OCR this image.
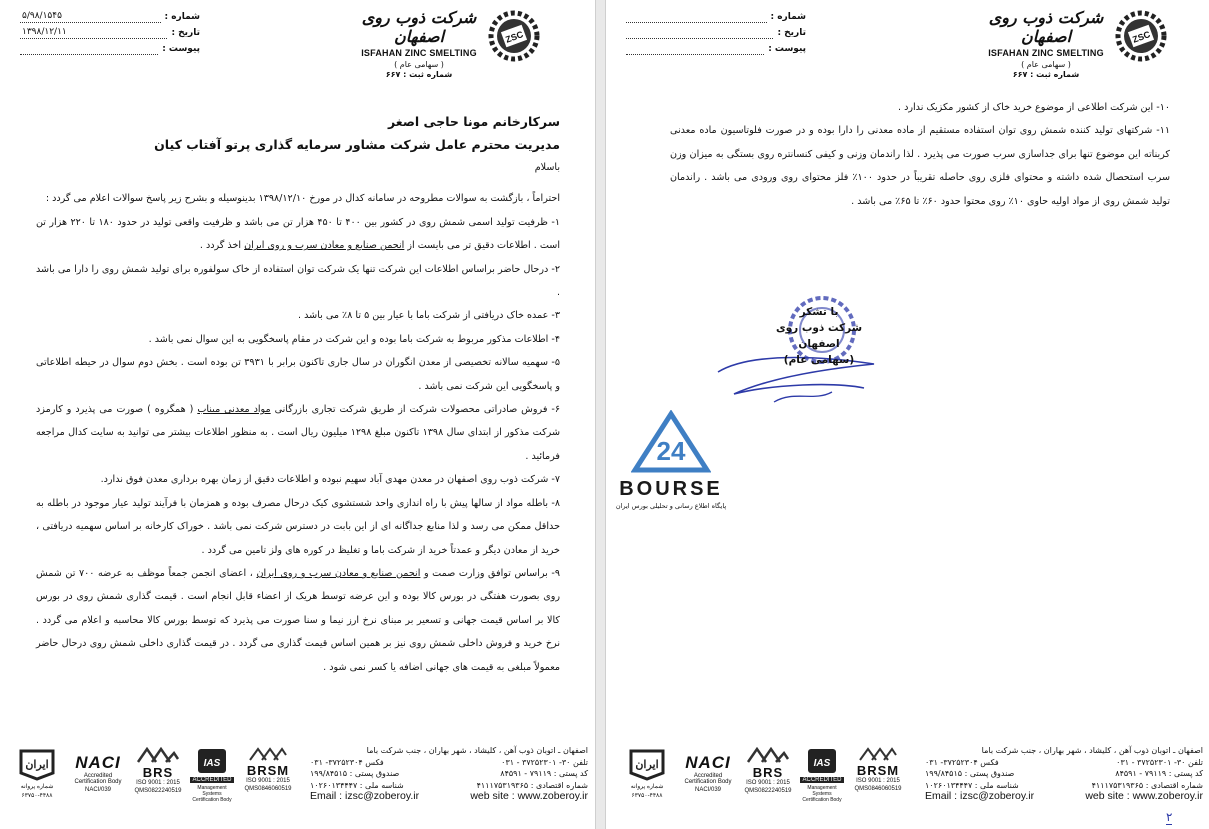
ZSC
شرکت ذوب روی اصفهان
ISFAHAN ZINC SMELTING
( سهامی عام )
شماره ثبت : ۶۶۷
شماره :
۵/۹۸/۱۵۴۵
تاریخ :
۱۳۹۸/۱۲/۱۱
پیوست :
سرکارخانم مونا حاجی اصغر
مدیریت محترم عامل شرکت مشاور سرمایه گذاری پرتو آفتاب کیان

باسلام

احتراماً ، بازگشت به سوالات مطروحه در سامانه کدال در مورخ ۱۳۹۸/۱۲/۱۰ بدینوسیله و بشرح زیر پاسخ سوالات اعلام می گردد :

۱- ظرفیت تولید اسمی شمش روی در کشور بین ۴۰۰ تا ۴۵۰ هزار تن می باشد و ظرفیت واقعی تولید در حدود ۱۸۰ تا ۲۲۰ هزار تن است . اطلاعات دقیق تر می بایست از انجمن صنایع و معادن سرب و روی ایران اخذ گردد .

۲- درحال حاضر براساس اطلاعات این شرکت تنها یک شرکت توان استفاده از خاک سولفوره برای تولید شمش روی را دارا می باشد .

۳- عمده خاک دریافتی از شرکت باما با عیار بین ۵ تا ۸٪ می باشد .

۴- اطلاعات مذکور مربوط به شرکت باما بوده و این شرکت در مقام پاسخگویی به این سوال نمی باشد .

۵- سهمیه سالانه تخصیصی از معدن انگوران در سال جاری تاکنون برابر با ۳۹۳۱ تن بوده است . بخش دوم سوال در حیطه اطلاعاتی و پاسخگویی این شرکت نمی باشد .

۶- فروش صادراتی محصولات شرکت از طریق شرکت تجاری بازرگانی مواد معدنی میناب ( همگروه ) صورت می پذیرد و کارمزد شرکت مذکور از ابتدای سال ۱۳۹۸ تاکنون مبلغ ۱۲۹۸ میلیون ریال است . به منظور اطلاعات بیشتر می توانید به سایت کدال مراجعه فرمائید .

۷- شرکت ذوب روی اصفهان در معدن مهدی آباد سهیم نبوده و اطلاعات دقیق از زمان بهره برداری معدن فوق ندارد.

۸- باطله مواد از سالها پیش با راه اندازی واحد شستشوی کیک درحال مصرف بوده و همزمان با فرآیند تولید عیار موجود در باطله به حداقل ممکن می رسد و لذا منابع جداگانه ای از این بابت در دسترس شرکت نمی باشد . خوراک کارخانه بر اساس سهمیه دریافتی ، خرید از معادن دیگر و عمدتاً خرید از شرکت باما و تغلیظ در کوره های ولز تامین می گردد .

۹- براساس توافق وزارت صمت و انجمن صنایع و معادن سرب و روی ایران ، اعضای انجمن جمعاً موظف به عرضه ۷۰۰ تن شمش روی بصورت هفتگی در بورس کالا بوده و این عرضه توسط هریک از اعضاء قابل انجام است . قیمت گذاری شمش روی در بورس کالا بر اساس قیمت جهانی و تسعیر بر مبنای نرخ ارز نیما و سنا صورت می پذیرد که توسط بورس کالا محاسبه و اعلام می گردد . نرخ خرید و فروش داخلی شمش روی نیز بر همین اساس قیمت گذاری می گردد . در قیمت گذاری داخلی شمش روی درحال حاضر معمولاً مبلغی به قیمت های جهانی اضافه یا کسر نمی شود .

BRSM
ISO 9001 : 2015
QMS0846060519
IAS
ACCREDITED
Management Systems Certification Body
BRS
ISO 9001 : 2015
QMS0822240519
NACI
Accredited Certification Body
NACI/039
ایران
شماره پروانه
۶۳۷۵۰-۴۴۸۸
اصفهان ـ اتوبان ذوب آهن ، کلیشاد ، شهر بهاران ، جنب شرکت باما
تلفن ۳۰- ۳۷۲۵۲۳۰۱ - ۰۳۱
فکس ۳۷۲۵۲۳۰۴- ۰۳۱
کد پستی : ۷۹۱۱۹ - ۸۴۵۹۱
صندوق پستی : ۱۹۹/۸۴۵۱۵
شماره اقتصادی : ۴۱۱۱۷۵۳۱۹۳۶۵
شناسه ملی : ۱۰۲۶۰۱۳۴۴۴۷
Email : izsc@zoberoy.ir	web site : www.zoberoy.ir
ZSC
شرکت ذوب روی اصفهان
ISFAHAN ZINC SMELTING
( سهامی عام )
شماره ثبت : ۶۶۷
شماره :
تاریخ :
پیوست :

۱۰- این شرکت اطلاعی از موضوع خرید خاک از کشور مکزیک ندارد .

۱۱- شرکتهای تولید کننده شمش روی توان استفاده مستقیم از ماده معدنی را دارا بوده و در صورت فلوتاسیون ماده معدنی کربناته این موضوع تنها برای جداسازی سرب صورت می پذیرد . لذا راندمان وزنی و کیفی کنسانتره روی بستگی به میزان وزن سرب استحصال شده داشته و محتوای فلزی روی حاصله تقریباً در حدود ۱۰۰٪ فلز محتوای روی ورودی می باشد . راندمان تولید شمش روی از مواد اولیه حاوی ۱۰٪ روی محتوا حدود ۶۰٪ تا ۶۵٪ می باشد .

با تشکر
شرکت ذوب روی اصفهان
(سهامی عام)
24
BOURSE
پایگاه اطلاع رسانی و تحلیلی بورس ایران
BRSM
ISO 9001 : 2015
QMS0846060519
IAS
ACCREDITED
Management Systems Certification Body
BRS
ISO 9001 : 2015
QMS0822240519
NACI
Accredited Certification Body
NACI/039
ایران
شماره پروانه
۶۳۷۵۰-۴۴۸۸
اصفهان ـ اتوبان ذوب آهن ، کلیشاد ، شهر بهاران ، جنب شرکت باما
تلفن ۳۰- ۳۷۲۵۲۳۰۱ - ۰۳۱
فکس ۳۷۲۵۲۳۰۴- ۰۳۱
کد پستی : ۷۹۱۱۹ - ۸۴۵۹۱
صندوق پستی : ۱۹۹/۸۴۵۱۵
شماره اقتصادی : ۴۱۱۱۷۵۳۱۹۳۶۵
شناسه ملی : ۱۰۲۶۰۱۳۴۴۴۷
Email : izsc@zoberoy.ir	web site : www.zoberoy.ir
۲
